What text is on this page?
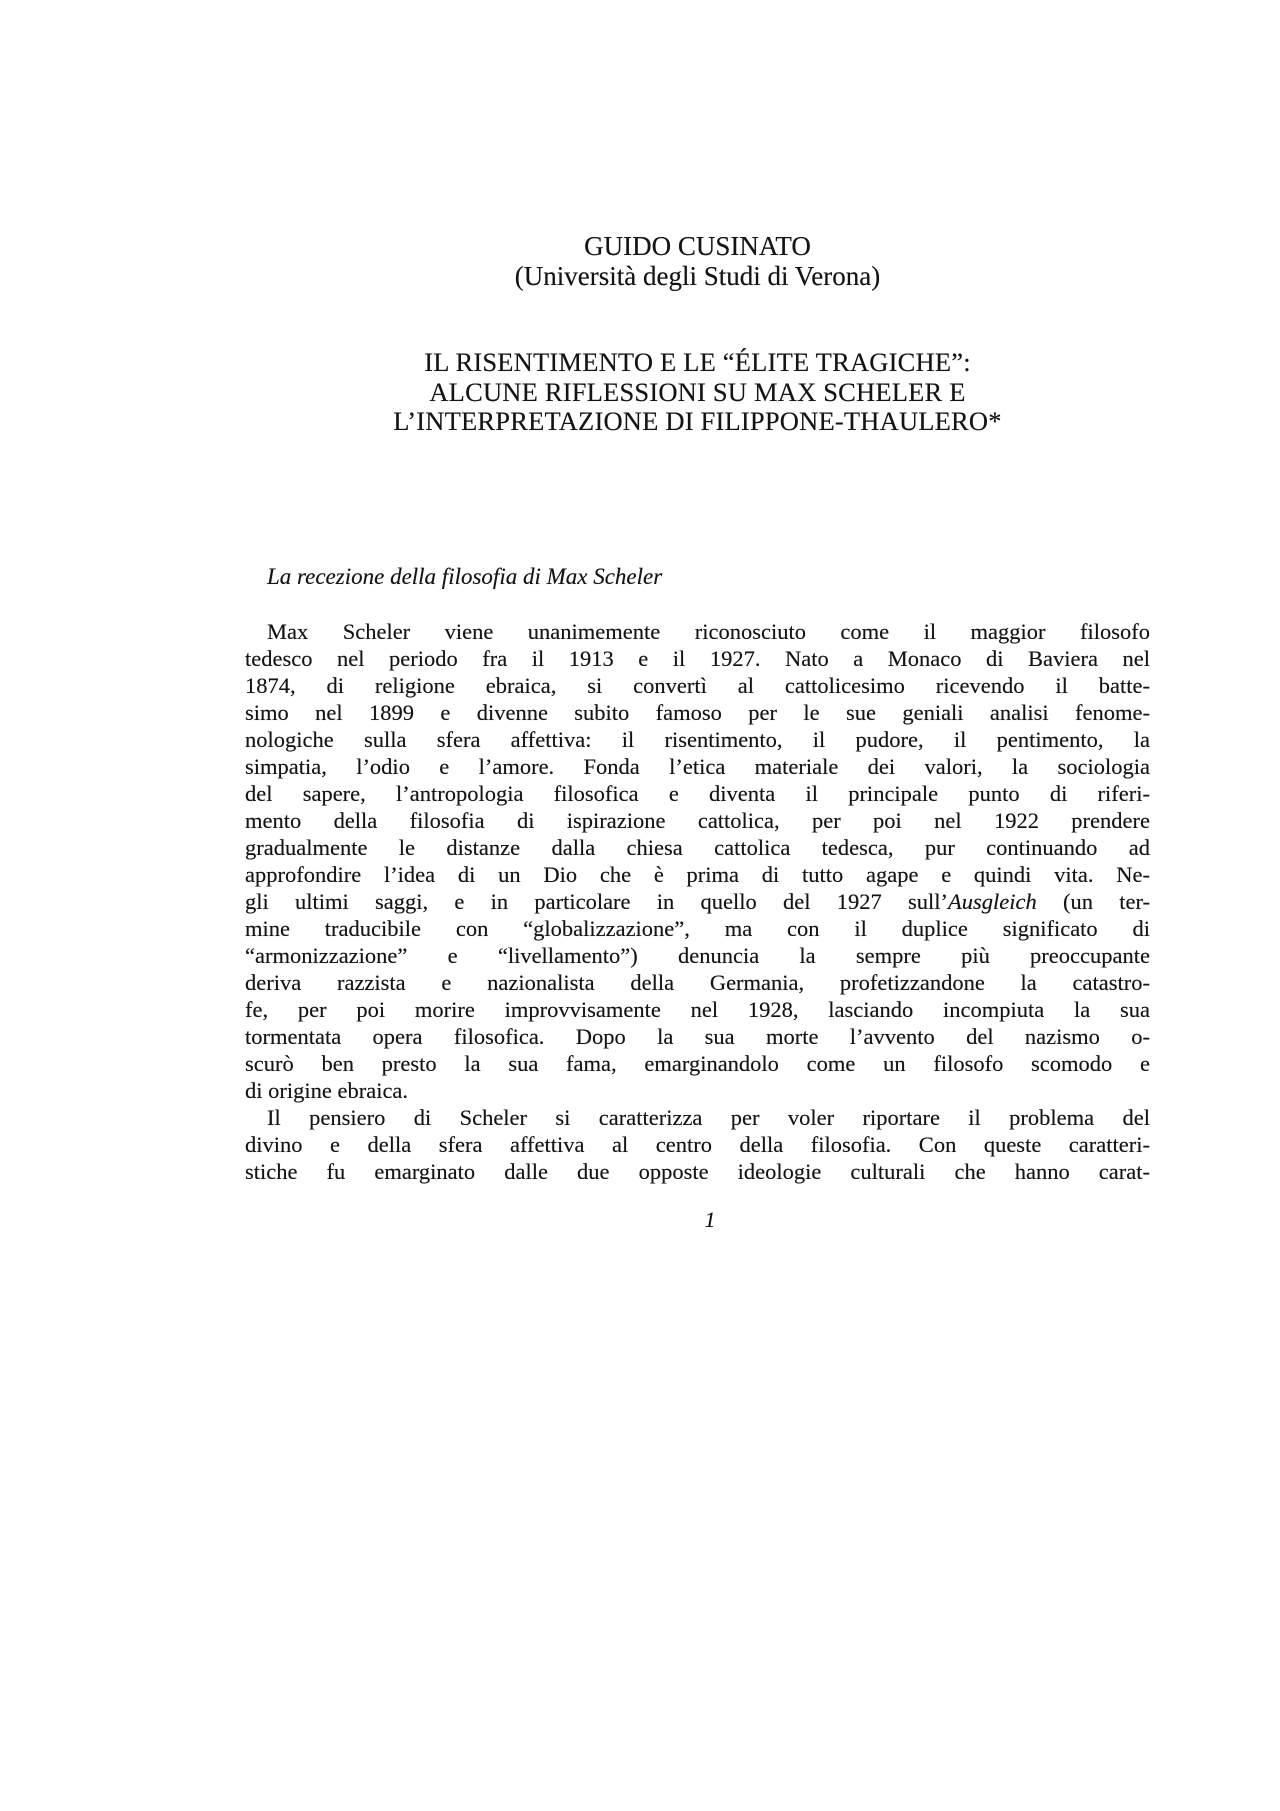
GUIDO CUSINATO
(Università degli Studi di Verona)
IL RISENTIMENTO E LE “ÉLITE TRAGICHE”:
ALCUNE RIFLESSIONI SU MAX SCHELER E
L’INTERPRETAZIONE DI FILIPPONE-THAULERO*
La recezione della filosofia di Max Scheler
Max Scheler viene unanimemente riconosciuto come il maggior filosofo
tedesco nel periodo fra il 1913 e il 1927. Nato a Monaco di Baviera nel
1874, di religione ebraica, si convertì al cattolicesimo ricevendo il batte-
simo nel 1899 e divenne subito famoso per le sue geniali analisi fenome-
nologiche sulla sfera affettiva: il risentimento, il pudore, il pentimento, la
simpatia, l’odio e l’amore. Fonda l’etica materiale dei valori, la sociologia
del sapere, l’antropologia filosofica e diventa il principale punto di riferi-
mento della filosofia di ispirazione cattolica, per poi nel 1922 prendere
gradualmente le distanze dalla chiesa cattolica tedesca, pur continuando ad
approfondire l’idea di un Dio che è prima di tutto agape e quindi vita. Ne-
gli ultimi saggi, e in particolare in quello del 1927 sull’Ausgleich (un ter-
mine traducibile con “globalizzazione”, ma con il duplice significato di
“armonizzazione” e “livellamento”) denuncia la sempre più preoccupante
deriva razzista e nazionalista della Germania, profetizzandone la catastro-
fe, per poi morire improvvisamente nel 1928, lasciando incompiuta la sua
tormentata opera filosofica. Dopo la sua morte l’avvento del nazismo o-
scurò ben presto la sua fama, emarginandolo come un filosofo scomodo e
di origine ebraica.
Il pensiero di Scheler si caratterizza per voler riportare il problema del
divino e della sfera affettiva al centro della filosofia. Con queste caratteri-
stiche fu emarginato dalle due opposte ideologie culturali che hanno carat-
1
